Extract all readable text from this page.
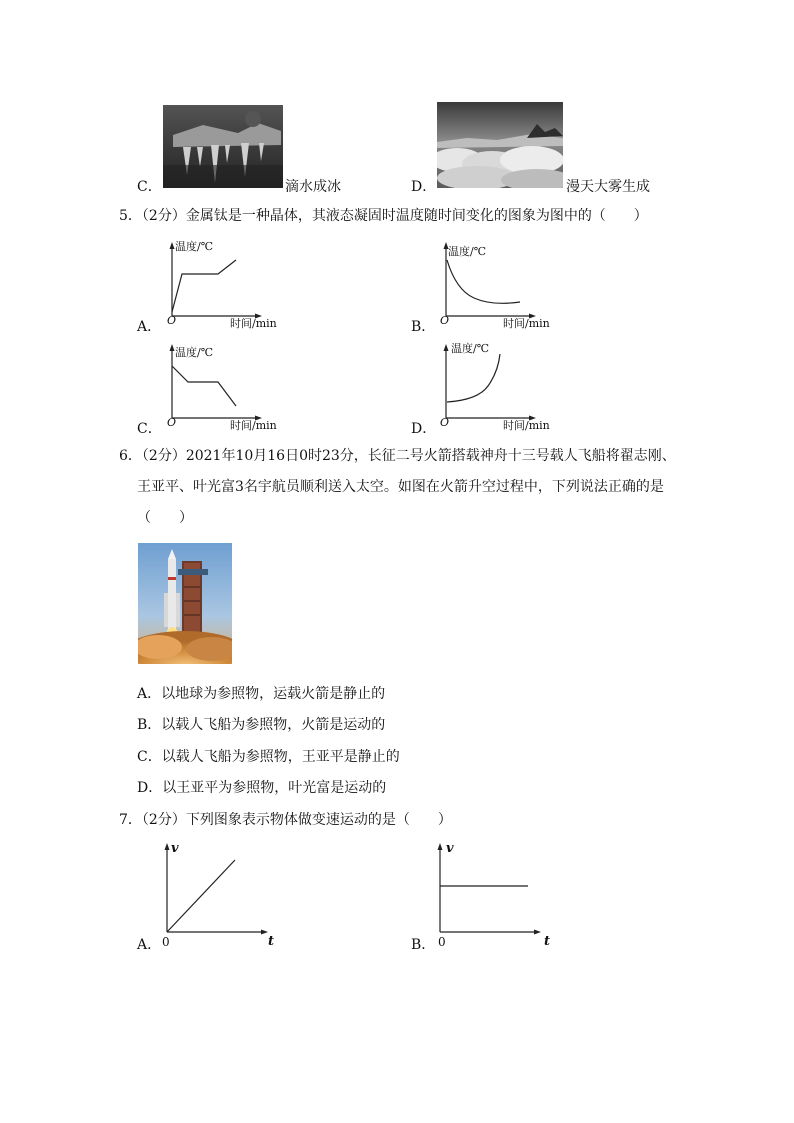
C．	滴水成冰	D．	漫天大雾生成
5．（2分）金属钛是一种晶体，其液态凝固时温度随时间变化的图象为图中的（　　）
温度/℃
O	时间/min
A．
温度/℃
O	时间/min
B．
温度/℃
O	时间/min
C．
温度/℃
O	时间/min
D．
6．（2分）2021年10月16日0时23分，长征二号火箭搭载神舟十三号载人飞船将翟志刚、
王亚平、叶光富3名宇航员顺利送入太空。如图在火箭升空过程中，下列说法正确的是
（　　）
A．以地球为参照物，运载火箭是静止的
B．以载人飞船为参照物，火箭是运动的
C．以载人飞船为参照物，王亚平是静止的
D．以王亚平为参照物，叶光富是运动的
7．（2分）下列图象表示物体做变速运动的是（　　）
v
0	t
A．
v
0	t
B．
